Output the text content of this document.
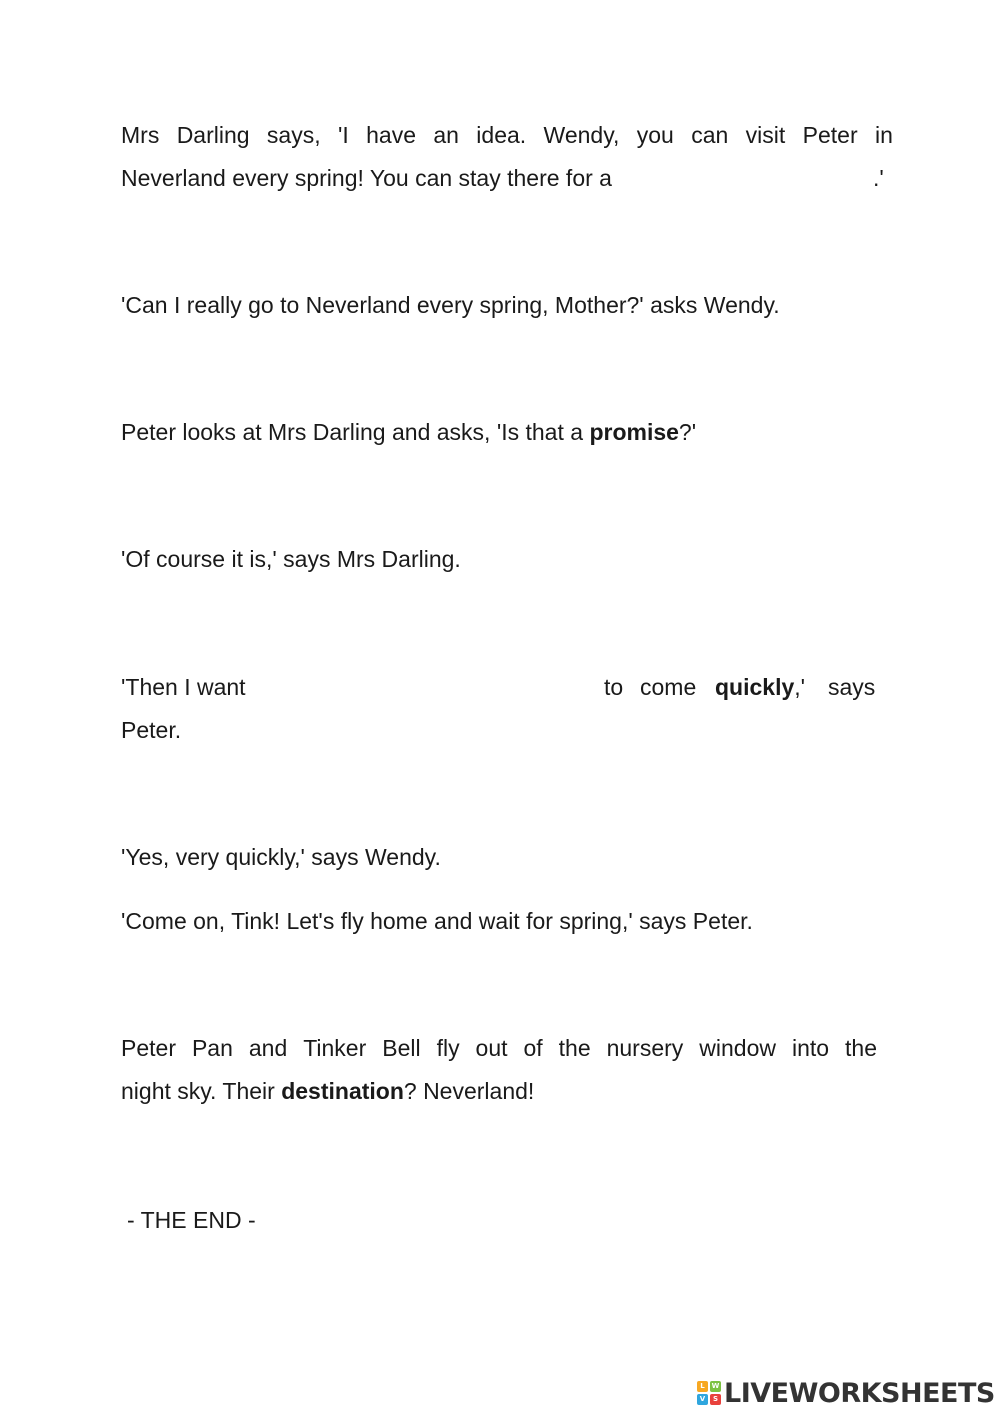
Mrs Darling says, 'I have an idea. Wendy, you can visit Peter in
Neverland every spring! You can stay there for a	.'

'Can I really go to Neverland every spring, Mother?' asks Wendy.

Peter looks at Mrs Darling and asks, 'Is that a promise?'

'Of course it is,' says Mrs Darling.

'Then I want	to come quickly,' says
Peter.

'Yes, very quickly,' says Wendy.

'Come on, Tink! Let's fly home and wait for spring,' says Peter.

Peter Pan and Tinker Bell fly out of the nursery window into the
night sky. Their destination? Neverland!
- THE END -
L W
V	S LIVEWORKSHEETS
